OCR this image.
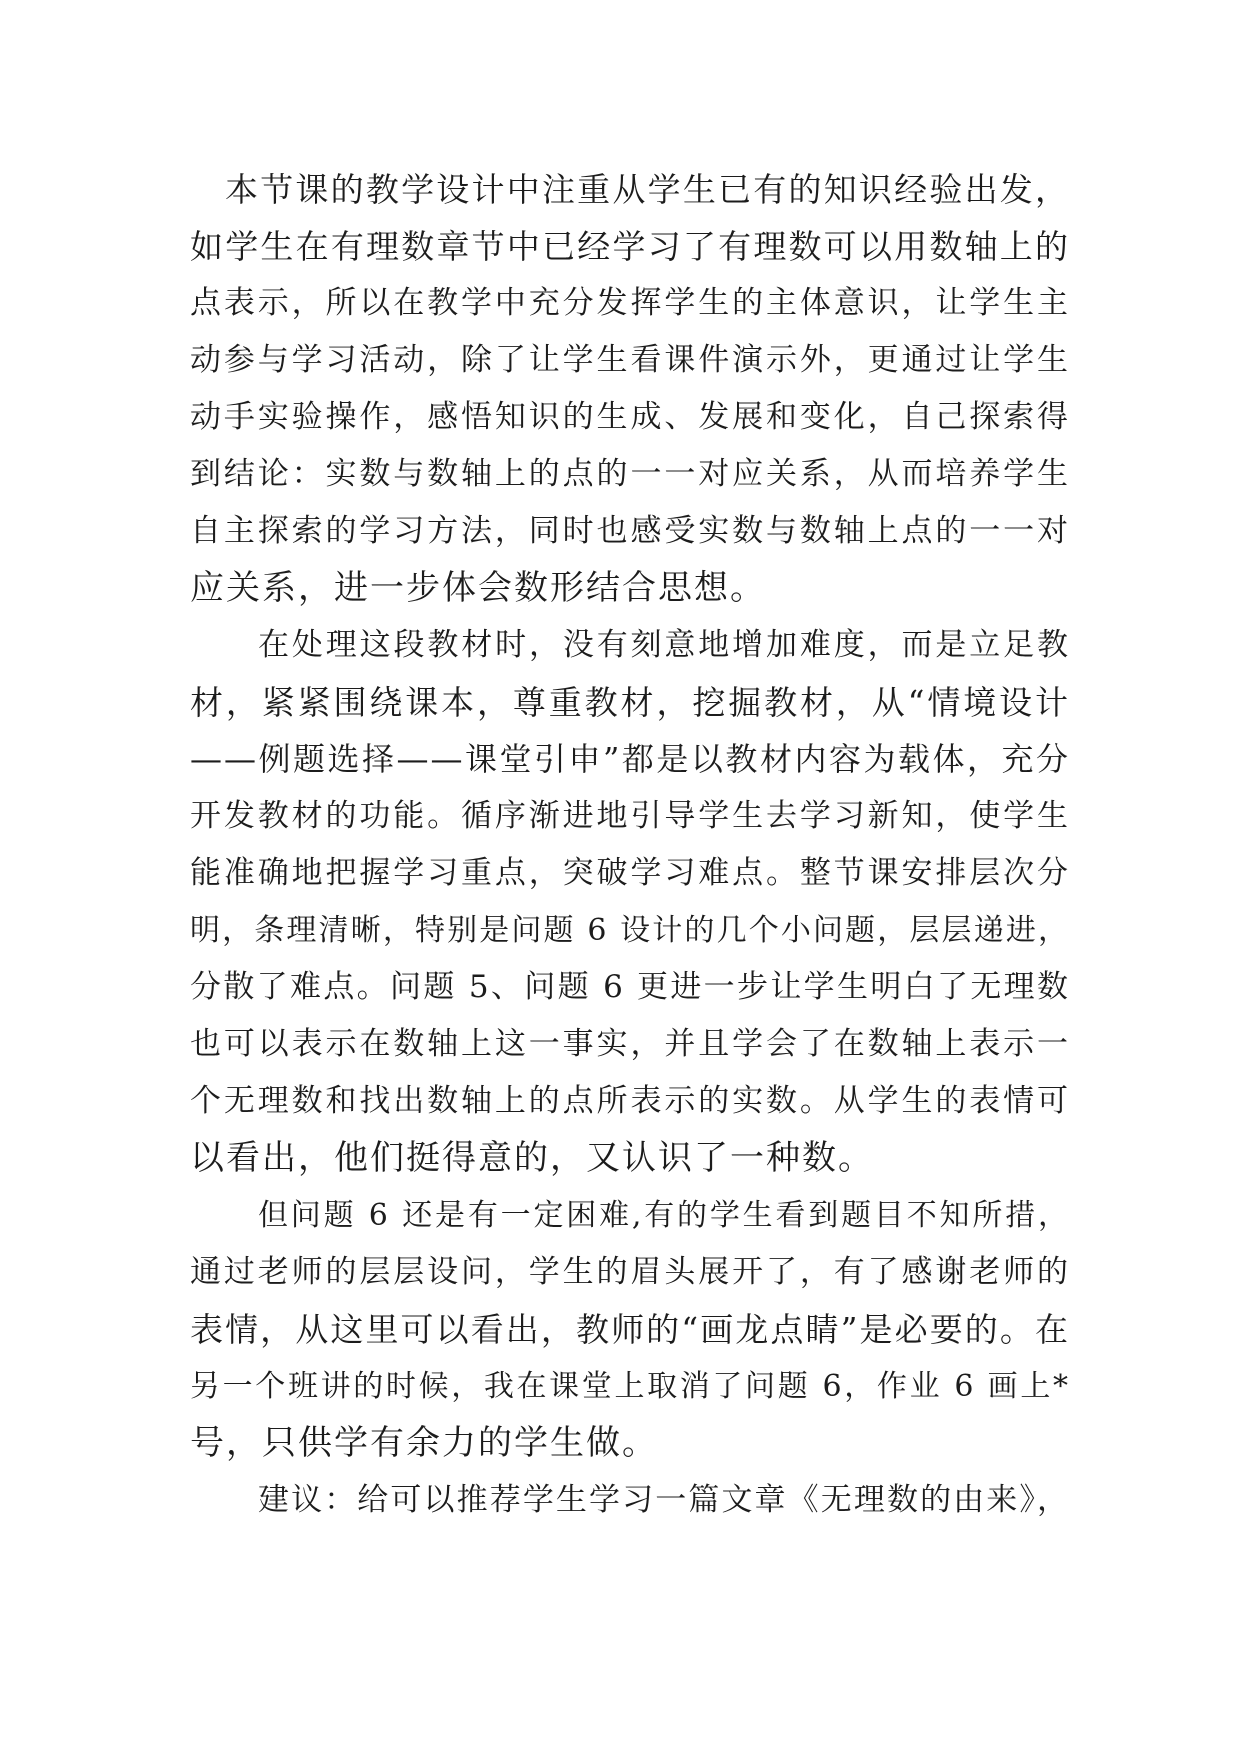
本节课的教学设计中注重从学生已有的知识经验出发，
如学生在有理数章节中已经学习了有理数可以用数轴上的
点表示，所以在教学中充分发挥学生的主体意识，让学生主
动参与学习活动，除了让学生看课件演示外，更通过让学生
动手实验操作，感悟知识的生成、发展和变化，自己探索得
到结论：实数与数轴上的点的一一对应关系，从而培养学生
自主探索的学习方法，同时也感受实数与数轴上点的一一对
应关系，进一步体会数形结合思想。
在处理这段教材时，没有刻意地增加难度，而是立足教
材，紧紧围绕课本，尊重教材，挖掘教材，从“情境设计
——例题选择——课堂引申”都是以教材内容为载体，充分
开发教材的功能。循序渐进地引导学生去学习新知，使学生
能准确地把握学习重点，突破学习难点。整节课安排层次分
明，条理清晰，特别是问题 6 设计的几个小问题，层层递进，
分散了难点。问题 5、问题 6 更进一步让学生明白了无理数
也可以表示在数轴上这一事实，并且学会了在数轴上表示一
个无理数和找出数轴上的点所表示的实数。从学生的表情可
以看出，他们挺得意的，又认识了一种数。
但问题 6 还是有一定困难,有的学生看到题目不知所措，
通过老师的层层设问，学生的眉头展开了，有了感谢老师的
表情，从这里可以看出，教师的“画龙点睛”是必要的。在
另一个班讲的时候，我在课堂上取消了问题 6，作业 6 画上*
号，只供学有余力的学生做。
建议：给可以推荐学生学习一篇文章《无理数的由来》，
